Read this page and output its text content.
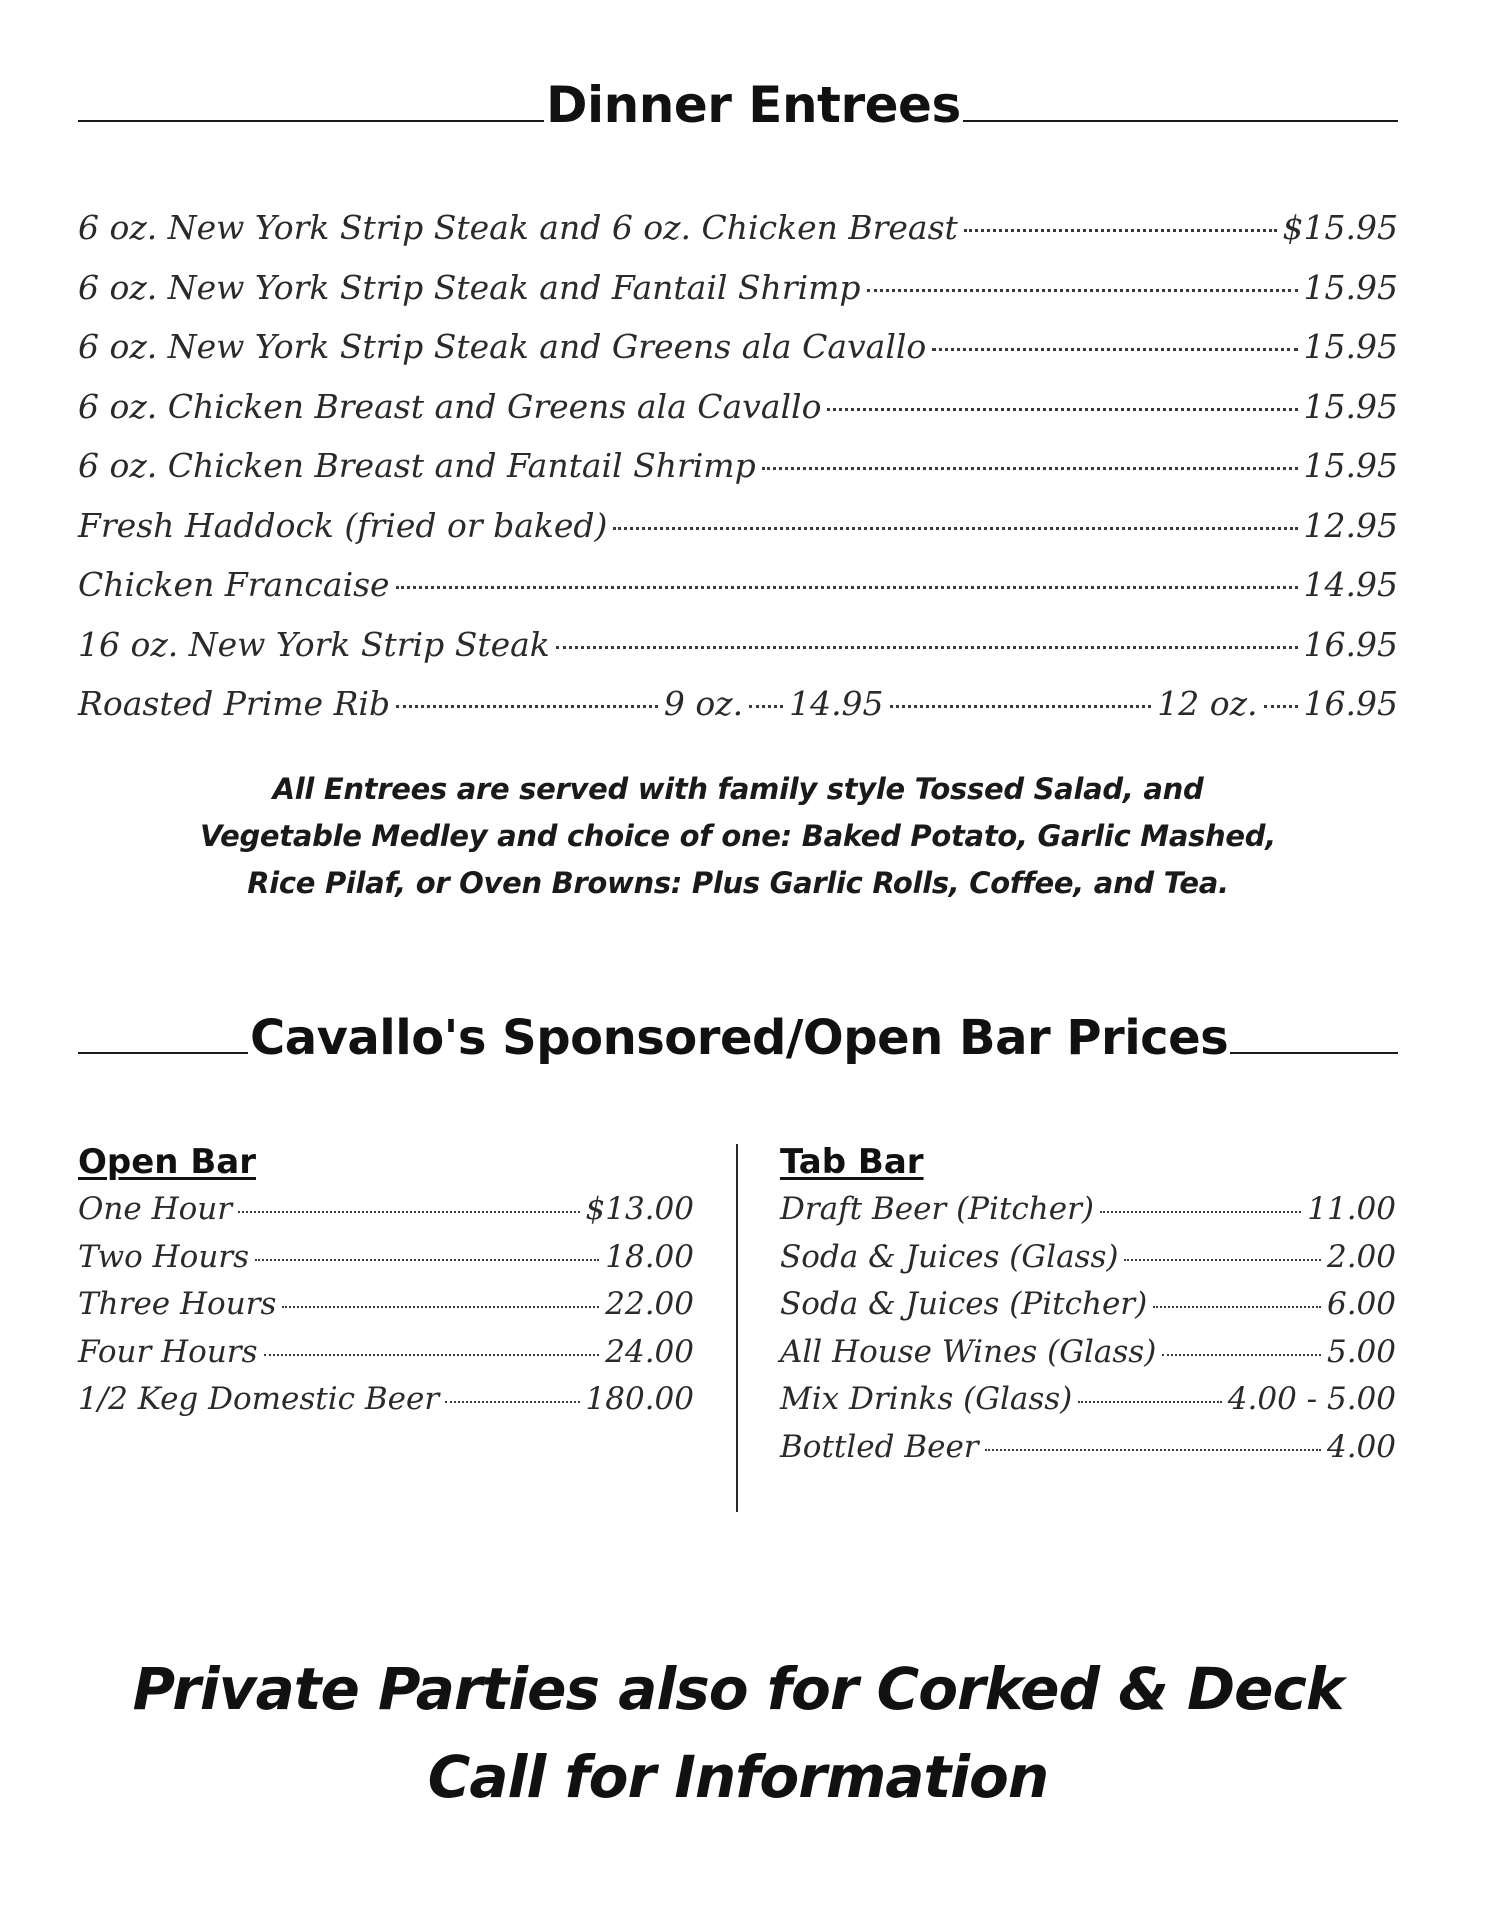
Dinner Entrees
6 oz. New York Strip Steak and 6 oz. Chicken Breast	$15.95
6 oz. New York Strip Steak and Fantail Shrimp	15.95
6 oz. New York Strip Steak and Greens ala Cavallo	15.95
6 oz. Chicken Breast and Greens ala Cavallo	15.95
6 oz. Chicken Breast and Fantail Shrimp	15.95
Fresh Haddock (fried or baked)	12.95
Chicken Francaise	14.95
16 oz. New York Strip Steak	16.95
Roasted Prime Rib	9 oz. 14.95	12 oz. 16.95
All Entrees are served with family style Tossed Salad, and
Vegetable Medley and choice of one: Baked Potato, Garlic Mashed,
Rice Pilaf, or Oven Browns: Plus Garlic Rolls, Coffee, and Tea.
Cavallo's Sponsored/Open Bar Prices
Open Bar
One Hour	$13.00
Two Hours	18.00
Three Hours	22.00
Four Hours	24.00
1/2 Keg Domestic Beer	180.00
Tab Bar
Draft Beer (Pitcher)	11.00
Soda & Juices (Glass)	2.00
Soda & Juices (Pitcher)	6.00
All House Wines (Glass)	5.00
Mix Drinks (Glass)	4.00 - 5.00
Bottled Beer	4.00
Private Parties also for Corked & Deck
Call for Information
